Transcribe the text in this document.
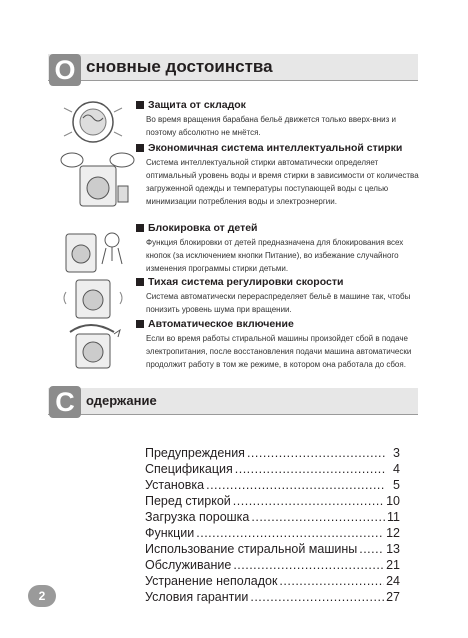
О сновные достоинства
Защита от складок
Во время вращения барабана бельё движется только вверх-вниз и поэтому абсолютно не мнётся.
Экономичная система интеллектуальной стирки
Система интеллектуальной стирки автоматически определяет оптимальный уровень воды и время стирки в зависимости от количества загруженной одежды и температуры поступающей воды с целью минимизации потребления воды и электроэнергии.
Блокировка от детей
Функция блокировки от детей предназначена для блокирования всех кнопок (за исключением кнопки Питание), во избежание случайного изменения программы стирки детьми.
Тихая система регулировки скорости
Система автоматически перераспределяет бельё в машине так, чтобы понизить уровень шума при вращении.
Автоматическое включение
Если во время работы стиральной машины произойдет сбой в подаче электропитания, после восстановления подачи машина автоматически продолжит работу в том же режиме, в котором она работала до сбоя.
С одержание
Предупреждения .....	3
Спецификация .....	4
Установка .....	5
Перед стиркой .....	10
Загрузка порошка .....	11
Функции .....	12
Использование стиральной машины ..... 13
Обслуживание .....	21
Устранение неполадок .....	24
Условия гарантии .....	27
2
